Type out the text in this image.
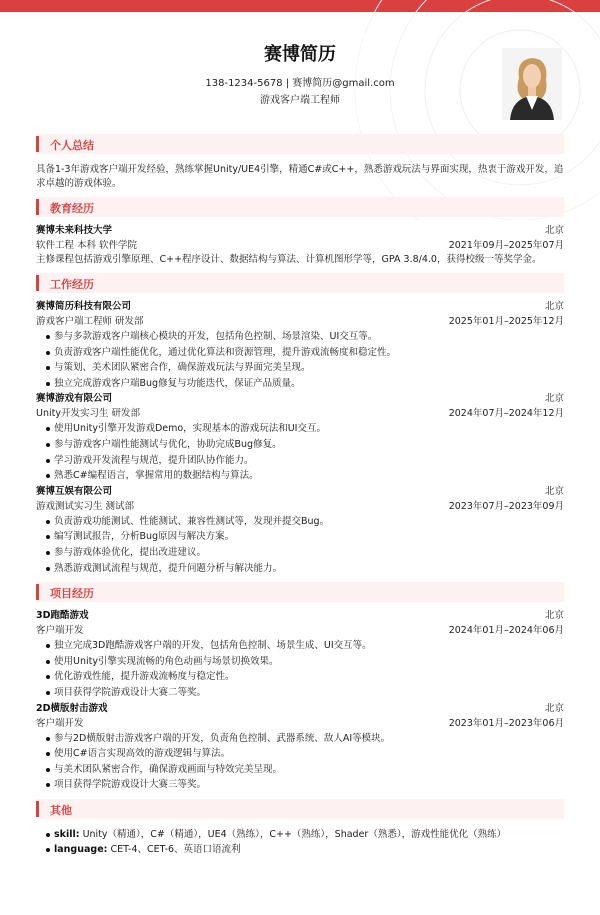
赛博简历
138-1234-5678 | 赛博简历@gmail.com
游戏客户端工程师
个人总结
具备1-3年游戏客户端开发经验，熟练掌握Unity/UE4引擎，精通C#或C++，熟悉游戏玩法与界面实现，热衷于游戏开发，追求卓越的游戏体验。
教育经历
赛博未来科技大学	北京
软件工程 本科 软件学院	2021年09月–2025年07月
主修课程包括游戏引擎原理、C++程序设计、数据结构与算法、计算机图形学等，GPA 3.8/4.0，获得校级一等奖学金。
工作经历
赛博简历科技有限公司	北京
游戏客户端工程师 研发部	2025年01月–2025年12月
参与多款游戏客户端核心模块的开发，包括角色控制、场景渲染、UI交互等。
负责游戏客户端性能优化，通过优化算法和资源管理，提升游戏流畅度和稳定性。
与策划、美术团队紧密合作，确保游戏玩法与界面完美呈现。
独立完成游戏客户端Bug修复与功能迭代，保证产品质量。
赛博游戏有限公司	北京
Unity开发实习生 研发部	2024年07月–2024年12月
使用Unity引擎开发游戏Demo，实现基本的游戏玩法和UI交互。
参与游戏客户端性能测试与优化，协助完成Bug修复。
学习游戏开发流程与规范，提升团队协作能力。
熟悉C#编程语言，掌握常用的数据结构与算法。
赛博互娱有限公司	北京
游戏测试实习生 测试部	2023年07月–2023年09月
负责游戏功能测试、性能测试、兼容性测试等，发现并提交Bug。
编写测试报告，分析Bug原因与解决方案。
参与游戏体验优化，提出改进建议。
熟悉游戏测试流程与规范，提升问题分析与解决能力。
项目经历
3D跑酷游戏	北京
客户端开发	2024年01月–2024年06月
独立完成3D跑酷游戏客户端的开发，包括角色控制、场景生成、UI交互等。
使用Unity引擎实现流畅的角色动画与场景切换效果。
优化游戏性能，提升游戏流畅度与稳定性。
项目获得学院游戏设计大赛二等奖。
2D横版射击游戏	北京
客户端开发	2023年01月–2023年06月
参与2D横版射击游戏客户端的开发，负责角色控制、武器系统、敌人AI等模块。
使用C#语言实现高效的游戏逻辑与算法。
与美术团队紧密合作，确保游戏画面与特效完美呈现。
项目获得学院游戏设计大赛三等奖。
其他
skill: Unity（精通），C#（精通），UE4（熟练），C++（熟练），Shader（熟悉），游戏性能优化（熟练）
language: CET-4、CET-6、英语口语流利
